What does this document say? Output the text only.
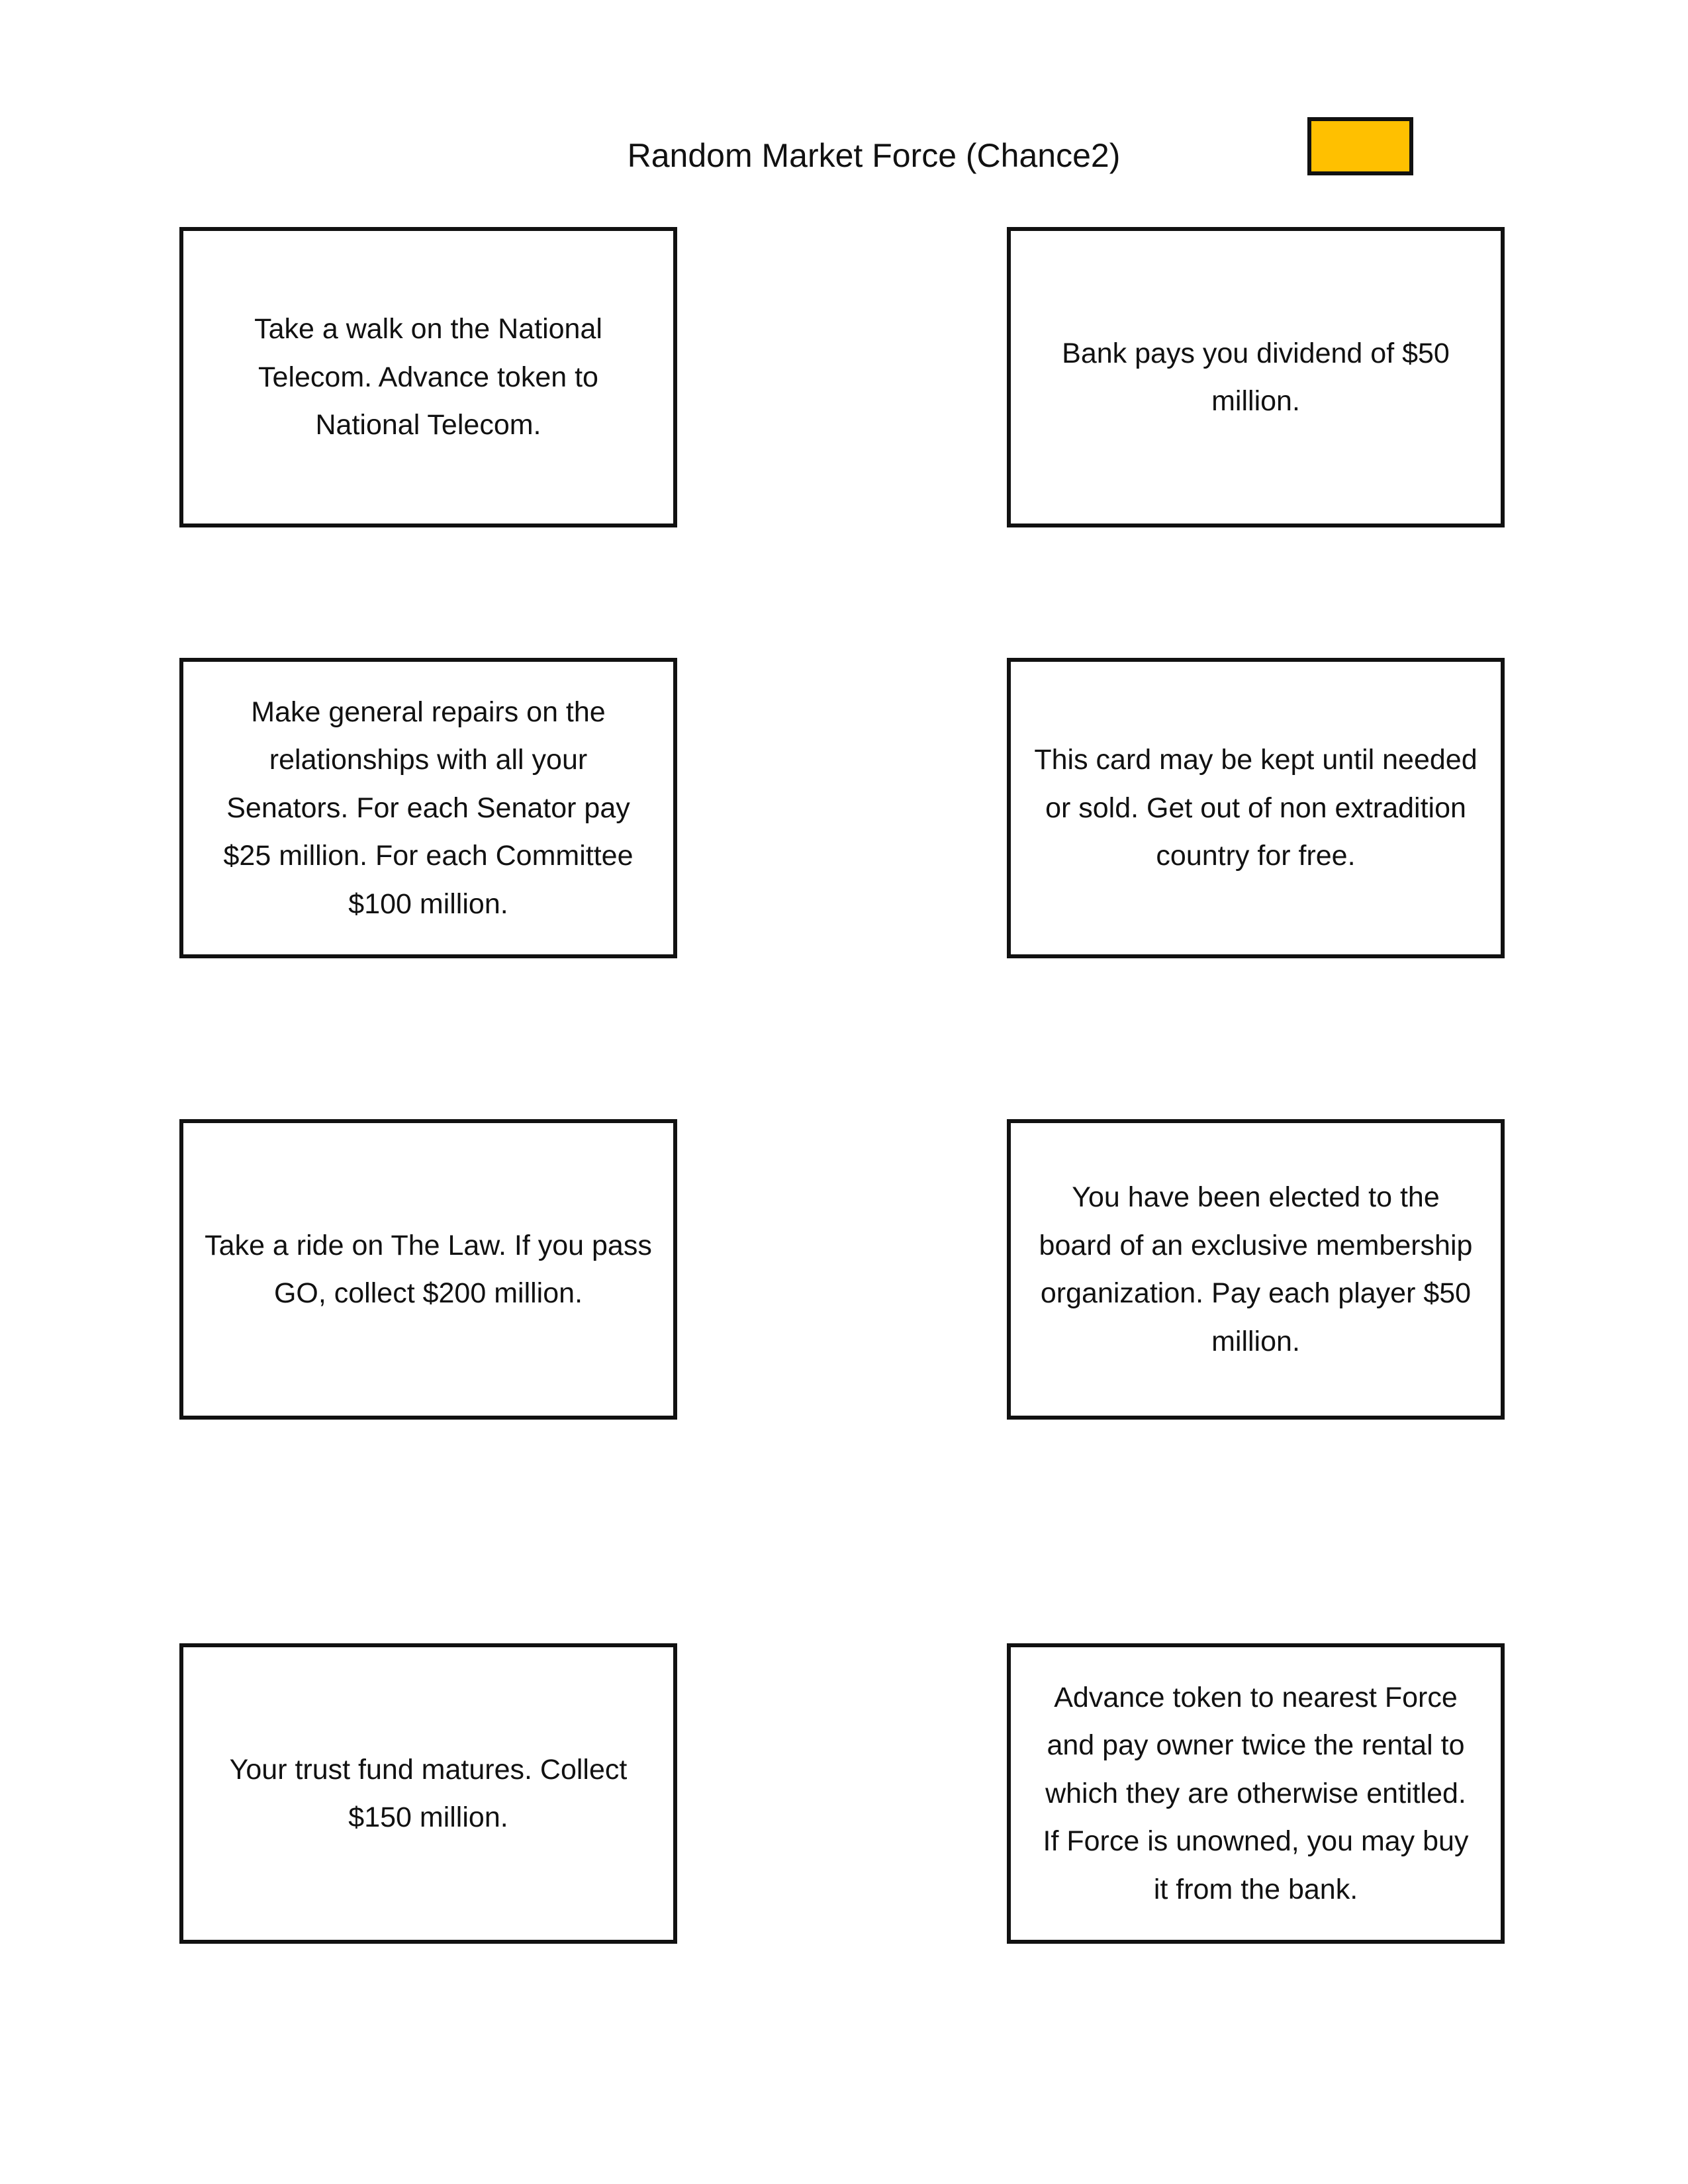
Random Market Force (Chance2)
Take a walk on the National
Telecom. Advance token to
National Telecom.
Bank pays you dividend of $50
million.
Make general repairs on the
relationships with all your
Senators. For each Senator pay
$25 million. For each Committee
$100 million.
This card may be kept until needed
or sold. Get out of non extradition
country for free.
Take a ride on The Law. If you pass
GO, collect $200 million.
You have been elected to the
board of an exclusive membership
organization. Pay each player $50
million.
Your trust fund matures. Collect
$150 million.
Advance token to nearest Force
and pay owner twice the rental to
which they are otherwise entitled.
If Force is unowned, you may buy
it from the bank.
